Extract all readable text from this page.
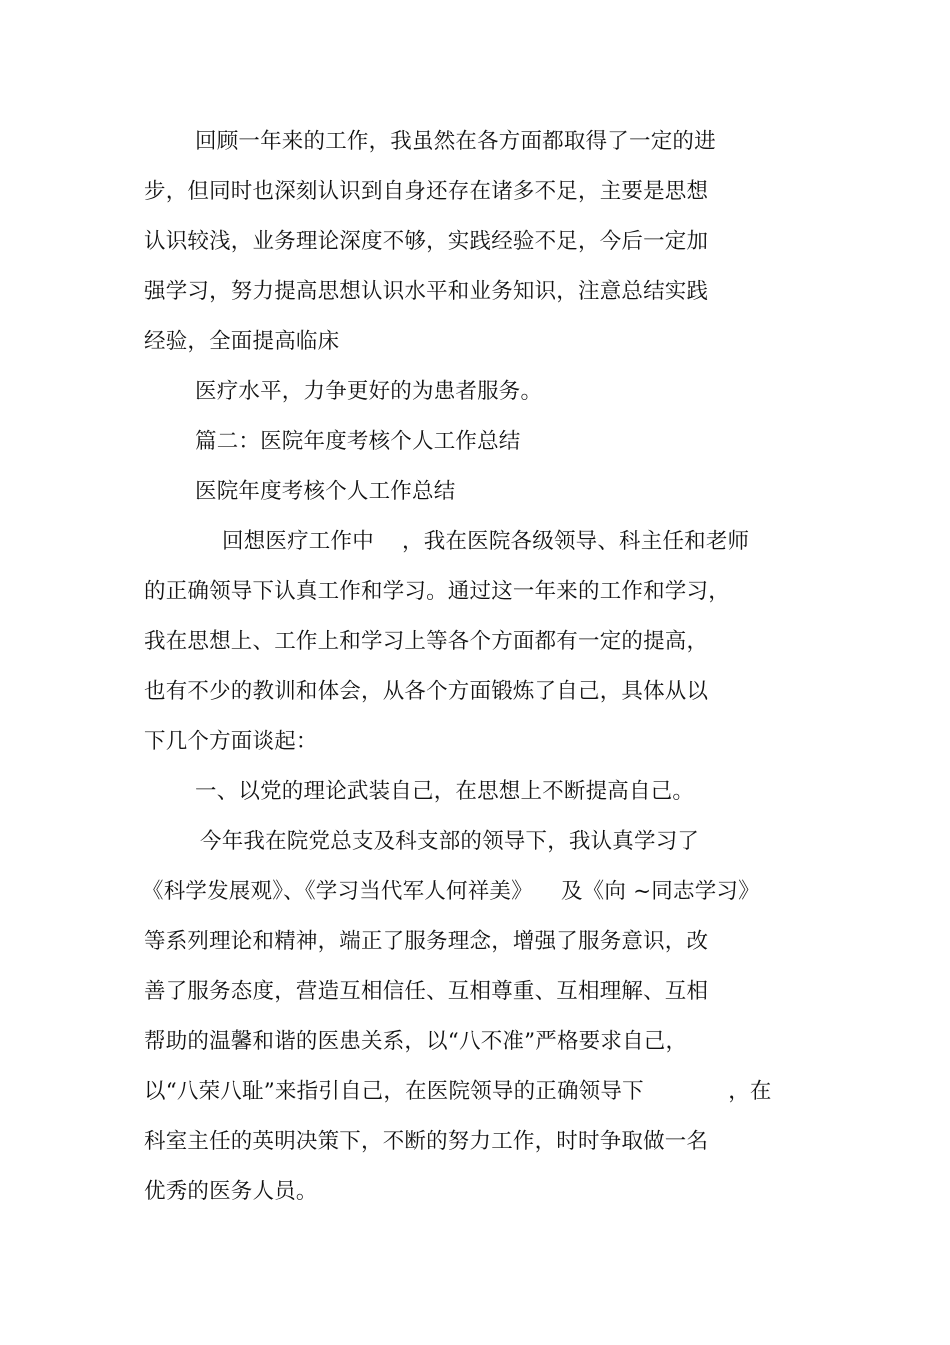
回顾一年来的工作，我虽然在各方面都取得了一定的进
步，但同时也深刻认识到自身还存在诸多不足，主要是思想
认识较浅，业务理论深度不够，实践经验不足，今后一定加
强学习，努力提高思想认识水平和业务知识，注意总结实践
经验，全面提高临床
医疗水平，力争更好的为患者服务。
篇二：医院年度考核个人工作总结
医院年度考核个人工作总结
回想医疗工作中    ，我在医院各级领导、科主任和老师
的正确领导下认真工作和学习。通过这一年来的工作和学习，
我在思想上、工作上和学习上等各个方面都有一定的提高，
也有不少的教训和体会，从各个方面锻炼了自己，具体从以
下几个方面谈起：
一、以党的理论武装自己，在思想上不断提高自己。
今年我在院党总支及科支部的领导下，我认真学习了
《科学发展观》、《学习当代军人何祥美》    及《向 ~同志学习》
等系列理论和精神，端正了服务理念，增强了服务意识，改
善了服务态度，营造互相信任、互相尊重、互相理解、互相
帮助的温馨和谐的医患关系，以“八不准”严格要求自己，
以“八荣八耻”来指引自己，在医院领导的正确领导下            ，在
科室主任的英明决策下，不断的努力工作，时时争取做一名
优秀的医务人员。
